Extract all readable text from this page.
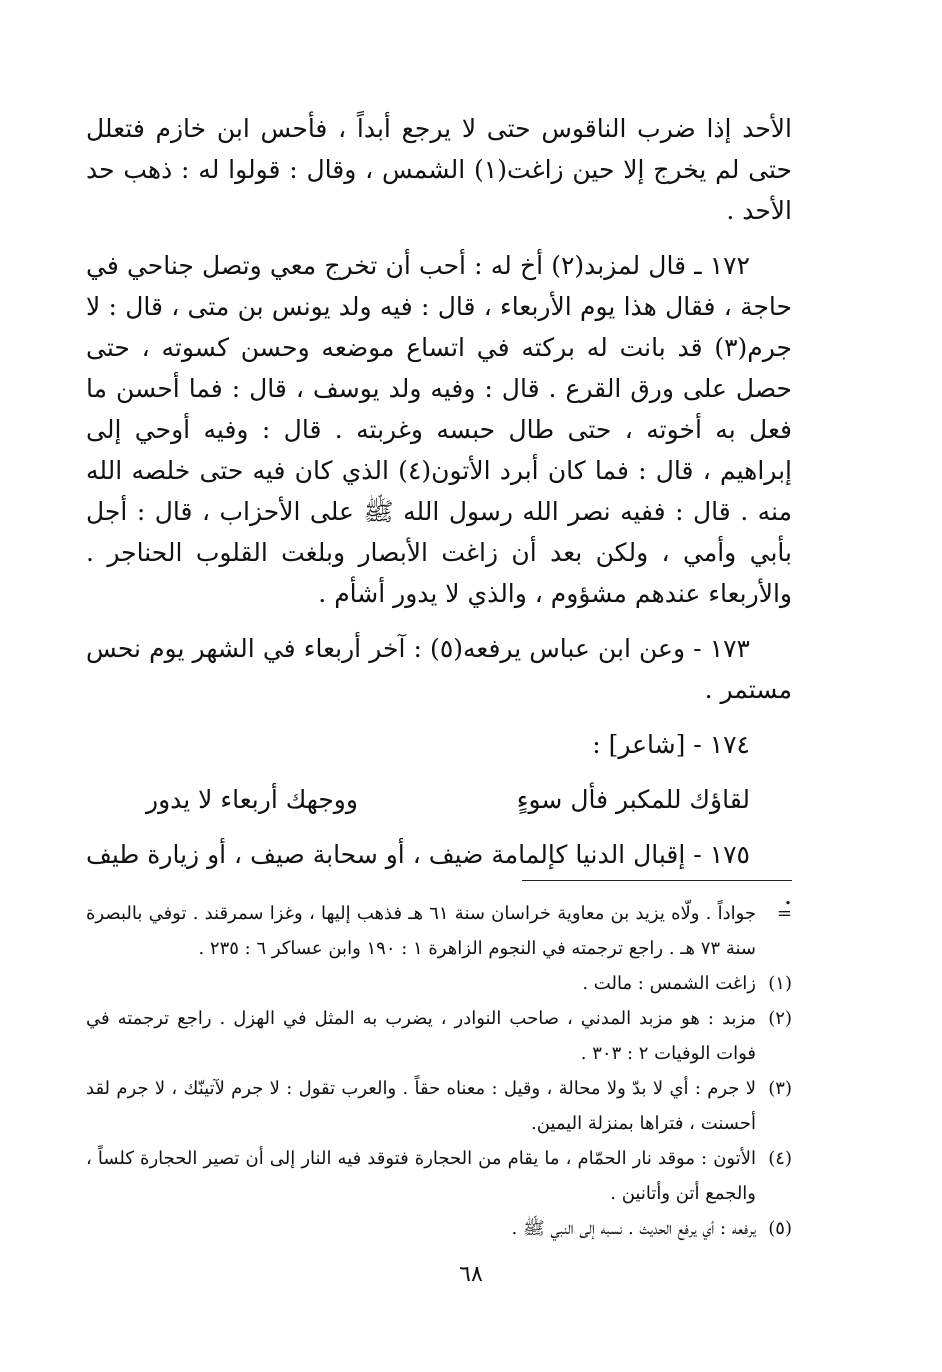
الأحد إذا ضرب الناقوس حتى لا يرجع أبداً ، فأحس ابن خازم فتعلل حتى لم يخرج إلا حين زاغت(١) الشمس ، وقال : قولوا له : ذهب حد الأحد .

١٧٢ ـ قال لمزبد(٢) أخ له : أحب أن تخرج معي وتصل جناحي في حاجة ، فقال هذا يوم الأربعاء ، قال : فيه ولد يونس بن متى ، قال : لا جرم(٣) قد بانت له بركته في اتساع موضعه وحسن كسوته ، حتى حصل على ورق القرع . قال : وفيه ولد يوسف ، قال : فما أحسن ما فعل به أخوته ، حتى طال حبسه وغربته . قال : وفيه أوحي إلى إبراهيم ، قال : فما كان أبرد الأتون(٤) الذي كان فيه حتى خلصه الله منه . قال : ففيه نصر الله رسول الله ﷺ على الأحزاب ، قال : أجل بأبي وأمي ، ولكن بعد أن زاغت الأبصار وبلغت القلوب الحناجر . والأربعاء عندهم مشؤوم ، والذي لا يدور أشأم .

١٧٣ - وعن ابن عباس يرفعه(٥) : آخر أربعاء في الشهر يوم نحس مستمر .

١٧٤ - [شاعر] :

لقاؤك للمكبر فأل سوءٍ
ووجهك أربعاء لا يدور

١٧٥ - إقبال الدنيا كإلمامة ضيف ، أو سحابة صيف ، أو زيارة طيف .

=
جواداً . ولّاه يزيد بن معاوية خراسان سنة ٦١ هـ فذهب إليها ، وغزا سمرقند . توفي بالبصرة سنة ٧٣ هـ . راجع ترجمته في النجوم الزاهرة ١ : ١٩٠ وابن عساكر ٦ : ٢٣٥ .
(١)
زاغت الشمس : مالت .
(٢)
مزبد : هو مزبد المدني ، صاحب النوادر ، يضرب به المثل في الهزل . راجع ترجمته في فوات الوفيات ٢ : ٣٠٣ .
(٣)
لا جرم : أي لا بدّ ولا محالة ، وقيل : معناه حقاً . والعرب تقول : لا جرم لآتينّك ، لا جرم لقد أحسنت ، فتراها بمنزلة اليمين.
(٤)
الأتون : موقد نار الحمّام ، ما يقام من الحجارة فتوقد فيه النار إلى أن تصير الحجارة كلساً ، والجمع أتن وأتانين .
(٥)
يرفعه : أي يرفع الحديث . نسبه إلى النبي ﷺ .
٦٨
